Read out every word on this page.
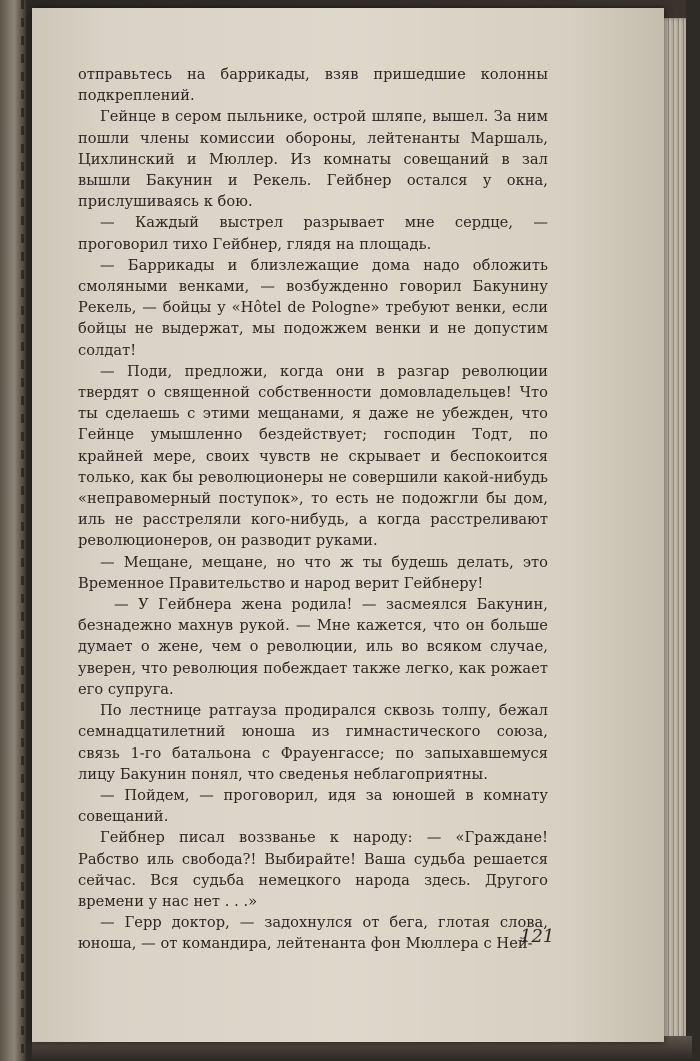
отправьтесь на баррикады, взяв пришедшие колонны подкреплений.

Гейнце в сером пыльнике, острой шляпе, вышел. За ним пошли члены комиссии обороны, лейтенанты Маршаль, Цихлинский и Мюллер. Из комнаты совещаний в зал вышли Бакунин и Рекель. Гейбнер остался у окна, прислушиваясь к бою.

— Каждый выстрел разрывает мне сердце, — проговорил тихо Гейбнер, глядя на площадь.

— Баррикады и близлежащие дома надо обложить смоляными венками, — возбужденно говорил Бакунину Рекель, — бойцы у «Hôtel de Pologne» требуют венки, если бойцы не выдержат, мы подожжем венки и не допустим солдат!

— Поди, предложи, когда они в разгар революции твердят о священной собственности домовладельцев! Что ты сделаешь с этими мещанами, я даже не убежден, что Гейнце умышленно бездействует; господин Тодт, по крайней мере, своих чувств не скрывает и беспокоится только, как бы революционеры не совершили какой-нибудь «неправомерный поступок», то есть не подожгли бы дом, иль не расстреляли кого-нибудь, а когда расстреливают революционеров, он разводит руками.

— Мещане, мещане, но что ж ты будешь делать, это Временное Правительство и народ верит Гейбнеру!

— У Гейбнера жена родила! — засмеялся Бакунин, безнадежно махнув рукой. — Мне кажется, что он больше думает о жене, чем о революции, иль во всяком случае, уверен, что революция побеждает также легко, как рожает его супруга.

По лестнице ратгауза продирался сквозь толпу, бежал семнадцатилетний юноша из гимнастического союза, связь 1-го батальона с Фрауенгассе; по запыхавшемуся лицу Бакунин понял, что сведенья неблагоприятны.

— Пойдем, — проговорил, идя за юношей в комнату совещаний.

Гейбнер писал воззванье к народу: — «Граждане! Рабство иль свобода?! Выбирайте! Ваша судьба решается сейчас. Вся судьба немецкого народа здесь. Другого времени у нас нет . . .»

— Герр доктор, — задохнулся от бега, глотая слова, юноша, — от командира, лейтенанта фон Мюллера с Ней-

121
